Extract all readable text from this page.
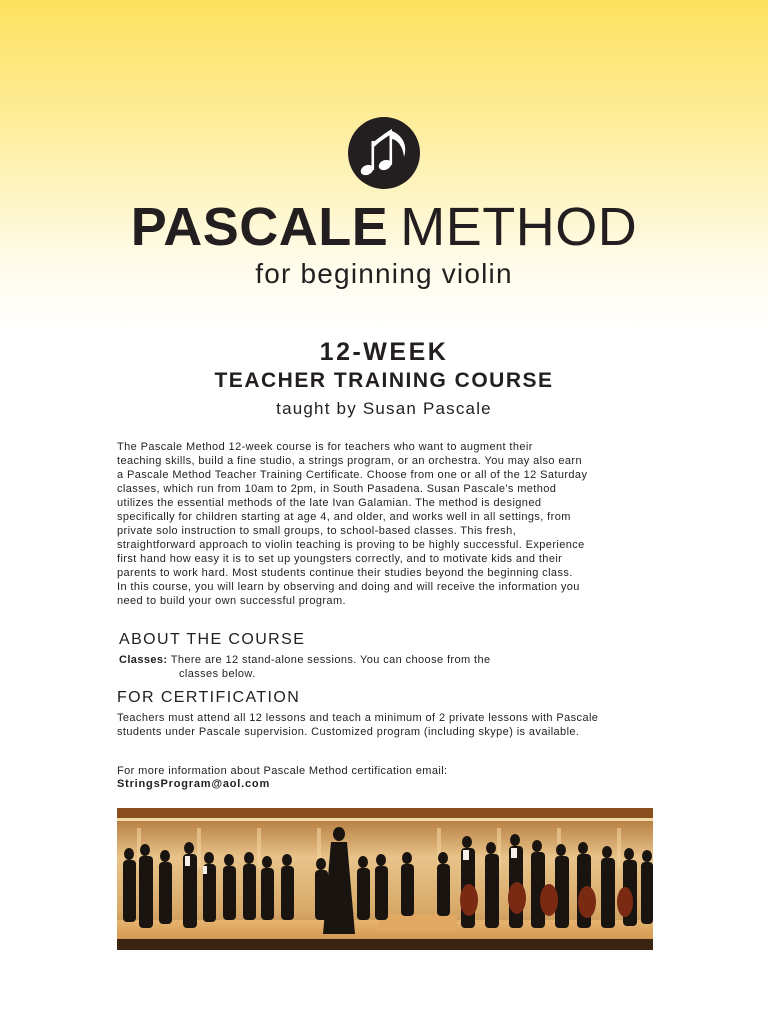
PASCALE METHOD
for beginning violin
12-WEEK
TEACHER TRAINING COURSE
taught by Susan Pascale
The Pascale Method 12-week course is for teachers who want to augment their
teaching skills, build a fine studio, a strings program, or an orchestra. You may also earn
a Pascale Method Teacher Training Certificate. Choose from one or all of the 12 Saturday
classes, which run from 10am to 2pm, in South Pasadena. Susan Pascale's method
utilizes the essential methods of the late Ivan Galamian. The method is designed
specifically for children starting at age 4, and older, and works well in all settings, from
private solo instruction to small groups, to school-based classes. This fresh,
straightforward approach to violin teaching is proving to be highly successful. Experience
first hand how easy it is to set up youngsters correctly, and to motivate kids and their
parents to work hard. Most students continue their studies beyond the beginning class.
In this course, you will learn by observing and doing and will receive the information you
need to build your own successful program.
ABOUT THE COURSE
Classes: There are 12 stand-alone sessions. You can choose from the
classes below.
FOR CERTIFICATION
Teachers must attend all 12 lessons and teach a minimum of 2 private lessons with Pascale
students under Pascale supervision. Customized program (including skype) is available.
For more information about Pascale Method certification email:
StringsProgram@aol.com
